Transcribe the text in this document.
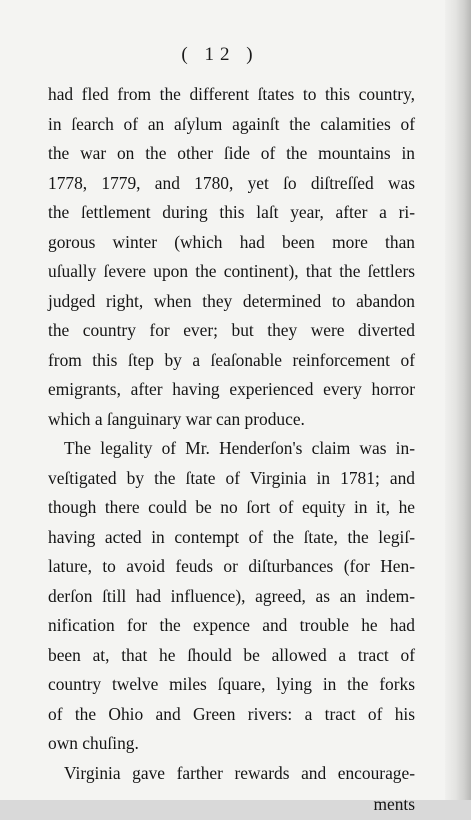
( 12 )
had fled from the different ſtates to this country,
in ſearch of an aſylum againſt the calamities of
the war on the other ſide of the mountains in
1778, 1779, and 1780, yet ſo diſtreſſed was
the ſettlement during this laſt year, after a ri-
gorous winter (which had been more than
uſually ſevere upon the continent), that the ſettlers
judged right, when they determined to abandon
the country for ever; but they were diverted
from this ſtep by a ſeaſonable reinforcement of
emigrants, after having experienced every horror
which a ſanguinary war can produce.
The legality of Mr. Henderſon's claim was in-
veſtigated by the ſtate of Virginia in 1781; and
though there could be no ſort of equity in it, he
having acted in contempt of the ſtate, the legiſ-
lature, to avoid feuds or diſturbances (for Hen-
derſon ſtill had influence), agreed, as an indem-
nification for the expence and trouble he had
been at, that he ſhould be allowed a tract of
country twelve miles ſquare, lying in the forks
of the Ohio and Green rivers: a tract of his
own chuſing.
Virginia gave farther rewards and encourage-
ments
